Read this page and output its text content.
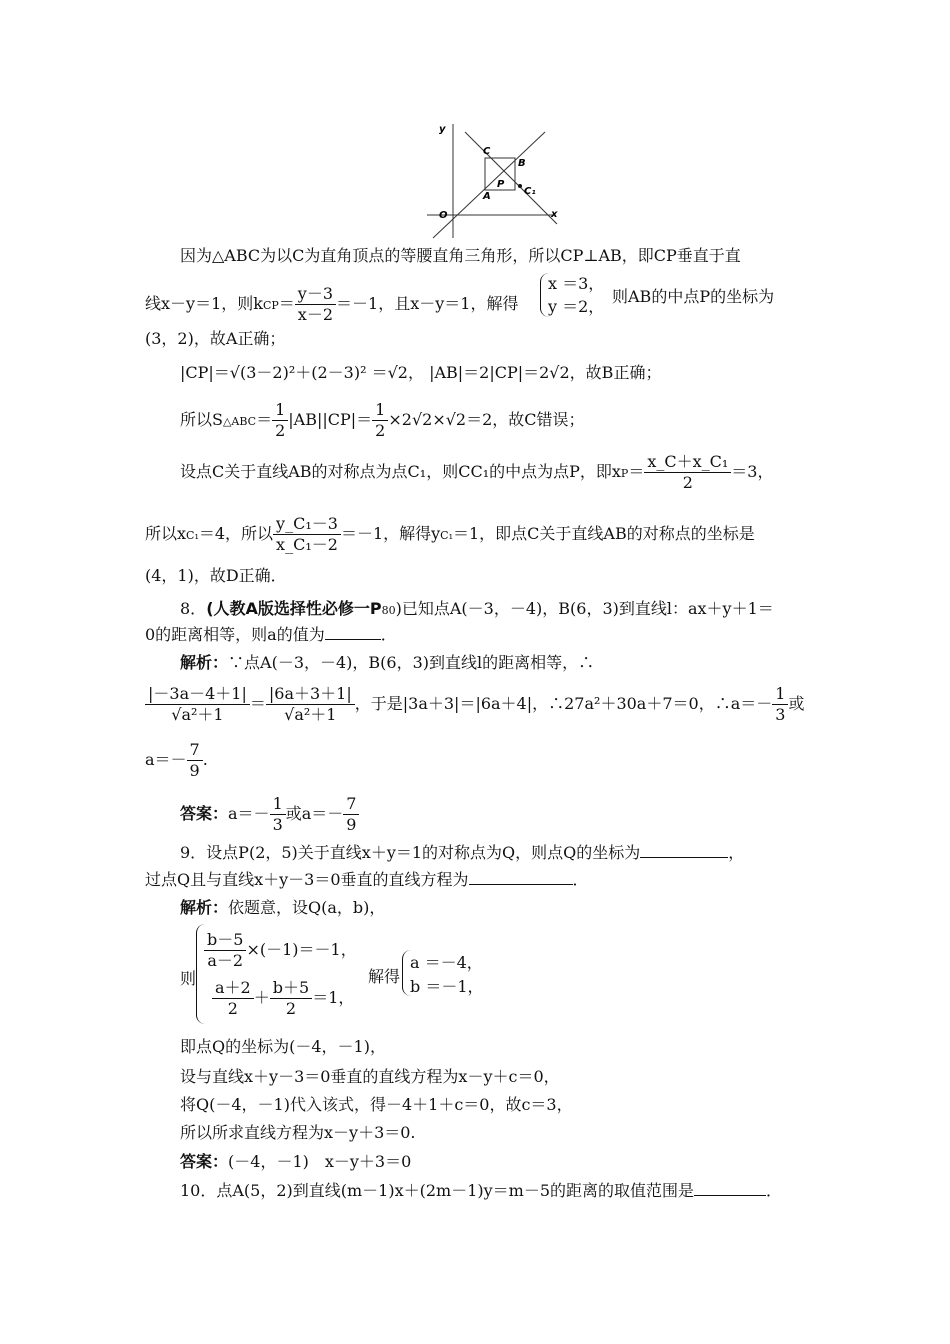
y
x
O
C
B
P
A	C₁
因为△ABC为以C为直角顶点的等腰直角三角形，所以CP⊥AB，即CP垂直于直
线x－y＝1，则$kCP= \frac{y-3}{x-2} =-1$，且x－y＝1，解得
x ＝3，
y ＝2，
则AB的中点P的坐标为
(3，2)，故A正确；
|CP|＝√(3－2)²＋(2－3)² ＝√2， |AB|＝2|CP|＝2√2，故B正确；
所以S△ABC＝ $\frac{1}{2} |AB||CP|= \frac{1}{2} \times 2√2\times√2=2$，故C错误；
设点C关于直线AB的对称点为点C₁，则CC₁的中点为点P，即$xP= \frac{\text{x\_C＋x\_C₁}}{2} =3$，
所以xC₁＝4，所以 $\frac{\text{y\_C₁－3}}{\text{x\_C₁－2}} =-1$，解得yC₁＝1，即点C关于直线AB的对称点的坐标是
(4，1)，故D正确．
8．(人教A版选择性必修一P80)已知点A(－3，－4)，B(6，3)到直线l：ax＋y＋1＝
0的距离相等，则a的值为	．
解析：∵点A(－3，－4)，B(6，3)到直线l的距离相等，∴
$\frac{|-3a-4+1|}{\text{√a²＋1}} = \frac{|6a+3+1|}{\text{√a²＋1}}$ ，于是|3a＋3|＝|6a＋4|，∴27a²＋30a＋7＝0，∴a＝－ $\frac{1}{3}$ 或
$a=- \frac{7}{9}$ .
答案：$a=- \frac{1}{3}$ 或$a=- \frac{7}{9}$
9．设点P(2，5)关于直线x＋y＝1的对称点为Q，则点Q的坐标为	，
过点Q且与直线x＋y－3＝0垂直的直线方程为	．
解析：依题意，设Q(a，b)，
则
$\frac{b-5}{a-2} \times(-1)=-1$，
$\frac{a+2}{2} + \frac{b+5}{2} =1$，
解得
a ＝－4，
b ＝－1，
即点Q的坐标为(－4，－1)，
设与直线x＋y－3＝0垂直的直线方程为x－y＋c＝0，
将Q(－4，－1)代入该式，得－4＋1＋c＝0，故c＝3，
所以所求直线方程为x－y＋3＝0.
答案：(－4，－1)　x－y＋3＝0
10．点A(5，2)到直线(m－1)x＋(2m－1)y＝m－5的距离的取值范围是	．
